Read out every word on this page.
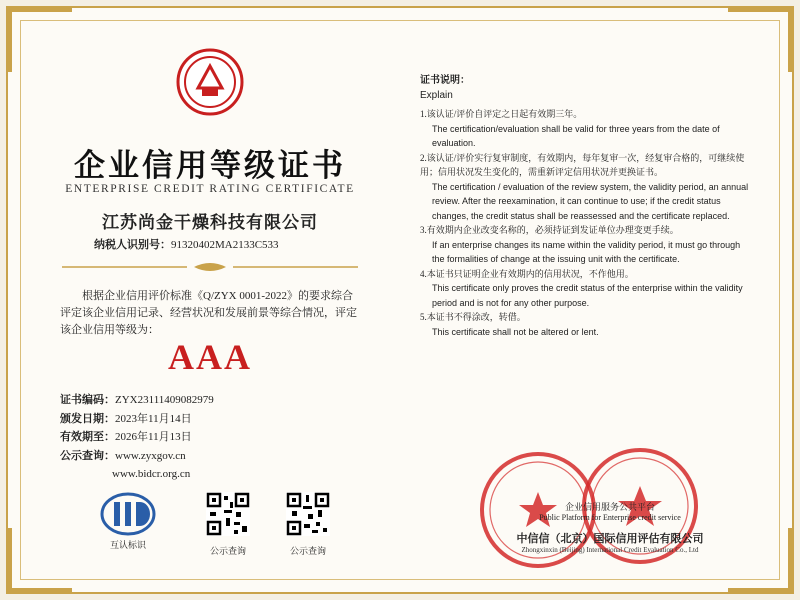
企业信用等级证书
ENTERPRISE CREDIT RATING CERTIFICATE
江苏尚金干燥科技有限公司
纳税人识别号：91320402MA2133C533
根据企业信用评价标准《Q/ZYX 0001-2022》的要求综合评定该企业信用记录、经营状况和发展前景等综合情况，评定该企业信用等级为：
AAA
证书编码：ZYX23111409082979
颁发日期：2023年11月14日
有效期至：2026年11月13日
公示查询：www.zyxgov.cn
www.bidcr.org.cn
互认标识
公示查询	公示查询
证书说明：
Explain

1.该认证/评价自评定之日起有效期三年。

The certification/evaluation shall be valid for three years from the date of evaluation.

2.该认证/评价实行复审制度，有效期内，每年复审一次，经复审合格的，可继续使用；信用状况发生变化的，需重新评定信用状况并更换证书。

The certification / evaluation of the review system, the validity period, an annual review. After the reexamination, it can continue to use; if the credit status changes, the credit status shall be reassessed and the certificate replaced.

3.有效期内企业改变名称的，必须持证到发证单位办理变更手续。

If an enterprise changes its name within the validity period, it must go through the formalities of change at the issuing unit with the certificate.

4.本证书只证明企业有效期内的信用状况，不作他用。

This certificate only proves the credit status of the enterprise within the validity period and is not for any other purpose.

5.本证书不得涂改，转借。

This certificate shall not be altered or lent.

企业信用服务公共平台
Public Platform for Enterprise credit service
中信信（北京）国际信用评估有限公司
Zhongxinxin (Beijing) International Credit Evaluation Co., Ltd
